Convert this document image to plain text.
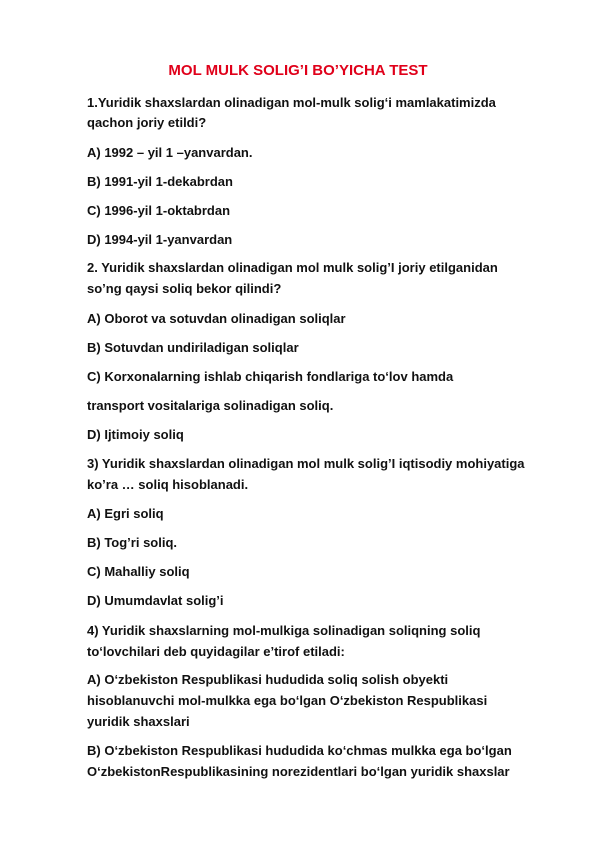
MOL MULK SOLIG’I BO’YICHA TEST
1.Yuridik shaxslardan olinadigan mol-mulk solig‘i mamlakatimizda
qachon joriy etildi?
A) 1992 – yil 1 –yanvardan.
B) 1991-yil 1-dekabrdan
C) 1996-yil 1-oktabrdan
D) 1994-yil 1-yanvardan
2. Yuridik shaxslardan olinadigan mol mulk solig’I joriy etilganidan
so’ng qaysi soliq bekor qilindi?
A) Oborot va sotuvdan olinadigan soliqlar
B) Sotuvdan undiriladigan soliqlar
C) Korxonalarning ishlab chiqarish fondlariga to‘lov hamda
transport vositalariga solinadigan soliq.
D) Ijtimoiy soliq
3) Yuridik shaxslardan olinadigan mol mulk solig’I iqtisodiy mohiyatiga
ko’ra … soliq hisoblanadi.
A) Egri soliq
B) Tog’ri soliq.
C) Mahalliy soliq
D) Umumdavlat solig’i
4) Yuridik shaxslarning mol-mulkiga solinadigan soliqning soliq
to‘lovchilari deb quyidagilar e’tirof etiladi:
A) O‘zbekiston Respublikasi hududida soliq solish obyekti
hisoblanuvchi mol-mulkka ega bo‘lgan O‘zbekiston Respublikasi
yuridik shaxslari
B) O‘zbekiston Respublikasi hududida ko‘chmas mulkka ega bo‘lgan
O‘zbekistonRespublikasining norezidentlari bo‘lgan yuridik shaxslar
